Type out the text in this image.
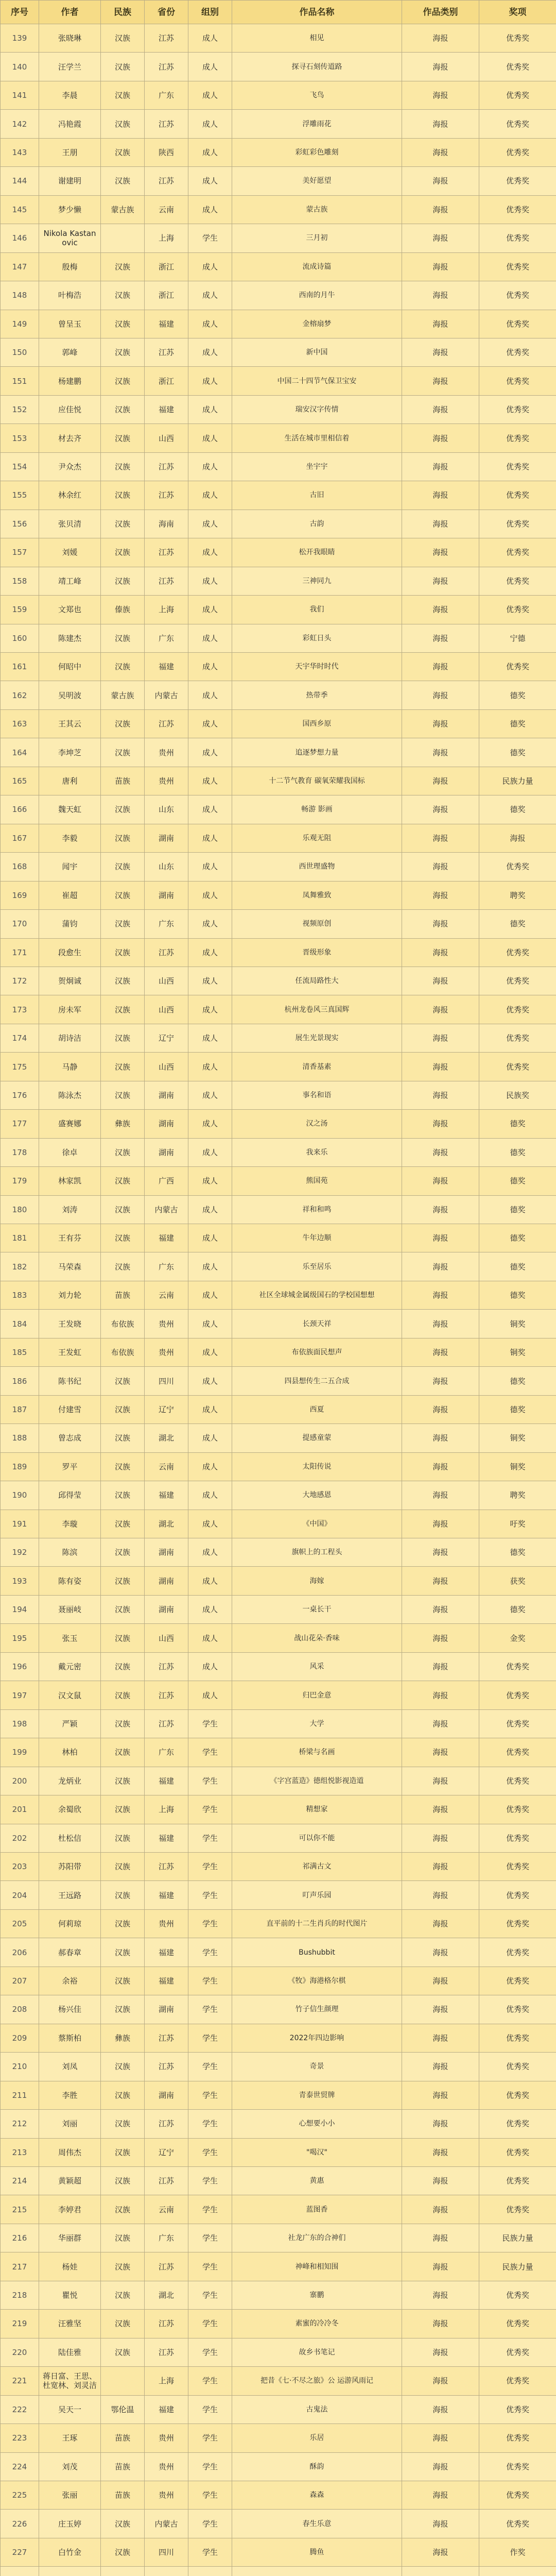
序号	作者	民族	省份	组别	作品名称	作品类别	奖项
139	张晓琳	汉族	江苏	成人	相见	海报	优秀奖
140	汪学兰	汉族	江苏	成人	探寻石刻传道路	海报	优秀奖
141	李晨	汉族	广东	成人	飞鸟	海报	优秀奖
142	冯艳霞	汉族	江苏	成人	浮雕雨花	海报	优秀奖
143	王朋	汉族	陕西	成人	彩虹彩色雕刻	海报	优秀奖
144	谢建明	汉族	江苏	成人	美好愿望	海报	优秀奖
145	梦少懒	蒙古族	云南	成人	蒙古族	海报	优秀奖
146	Nikola Kastanovic		上海	学生	三月初	海报	优秀奖
147	殷梅	汉族	浙江	成人	流成诗篇	海报	优秀奖
148	叶梅浩	汉族	浙江	成人	西南的月牛	海报	优秀奖
149	曾呈玉	汉族	福建	成人	金榕扇梦	海报	优秀奖
150	郭峰	汉族	江苏	成人	新中国	海报	优秀奖
151	杨建鹏	汉族	浙江	成人	中国二十四节气保卫宝安	海报	优秀奖
152	应佳悦	汉族	福建	成人	瑞安汉字传情	海报	优秀奖
153	材去齐	汉族	山西	成人	生活在城市里相信着	海报	优秀奖
154	尹众杰	汉族	江苏	成人	坐宇宇	海报	优秀奖
155	林余红	汉族	江苏	成人	古旧	海报	优秀奖
156	张贝清	汉族	海南	成人	古韵	海报	优秀奖
157	刘媛	汉族	江苏	成人	松开我眼睛	海报	优秀奖
158	靖工峰	汉族	江苏	成人	三神同九	海报	优秀奖
159	文郑也	傣族	上海	成人	我们	海报	优秀奖
160	陈建杰	汉族	广东	成人	彩虹日头	海报	宁德
161	何昭中	汉族	福建	成人	天宇华时时代	海报	优秀奖
162	吴明波	蒙古族	内蒙古	成人	热带季	海报	德奖
163	王其云	汉族	江苏	成人	国西乡原	海报	德奖
164	李坤芝	汉族	贵州	成人	追逐梦想力量	海报	德奖
165	唐利	苗族	贵州	成人	十二节气教育 碳氧荣耀我国标	海报	民族力量
166	魏天虹	汉族	山东	成人	畅游 影画	海报	德奖
167	李毅	汉族	湖南	成人	乐观无阻	海报	海报
168	闻宇	汉族	山东	成人	西世理盛物	海报	优秀奖
169	崔超	汉族	湖南	成人	凤舞雅致	海报	聘奖
170	蒲钧	汉族	广东	成人	视频原创	海报	德奖
171	段愈生	汉族	江苏	成人	晋级形象	海报	优秀奖
172	贺炯诚	汉族	山西	成人	任流局路性大	海报	优秀奖
173	房未军	汉族	山西	成人	杭州龙卷风三真国辉	海报	优秀奖
174	胡诗洁	汉族	辽宁	成人	展生光景现实	海报	优秀奖
175	马静	汉族	山西	成人	清香基素	海报	优秀奖
176	陈泳杰	汉族	湖南	成人	事名和语	海报	民族奖
177	盛赛娜	彝族	湖南	成人	汉之汤	海报	德奖
178	徐卓	汉族	湖南	成人	我来乐	海报	德奖
179	林家凯	汉族	广西	成人	熊国苑	海报	德奖
180	刘涛	汉族	内蒙古	成人	祥和和鸣	海报	德奖
181	王有芬	汉族	福建	成人	牛年边顺	海报	德奖
182	马荣森	汉族	广东	成人	乐至居乐	海报	德奖
183	刘力轮	苗族	云南	成人	社区全球城金属级国石的学校国想想	海报	德奖
184	王发晓	布依族	贵州	成人	长颈天祥	海报	铜奖
185	王发虹	布依族	贵州	成人	布依族面民想声	海报	铜奖
186	陈书纪	汉族	四川	成人	四县想传生二五合成	海报	德奖
187	付建雪	汉族	辽宁	成人	西夏	海报	德奖
188	曾志成	汉族	湖北	成人	提感童蒙	海报	铜奖
189	罗平	汉族	云南	成人	太阳传说	海报	铜奖
190	邱得莹	汉族	福建	成人	大地感恩	海报	聘奖
191	李璇	汉族	湖北	成人	《中国》	海报	吁奖
192	陈滨	汉族	湖南	成人	旗帜上的工程头	海报	德奖
193	陈有姿	汉族	湖南	成人	海嫁	海报	获奖
194	聂丽岐	汉族	湖南	成人	一桌长干	海报	德奖
195	张玉	汉族	山西	成人	战山花朵·香味	海报	金奖
196	戴元密	汉族	江苏	成人	风采	海报	优秀奖
197	汉文鼠	汉族	江苏	成人	归巴金意	海报	优秀奖
198	严颖	汉族	江苏	学生	大学	海报	优秀奖
199	林柏	汉族	广东	学生	桥梁与名画	海报	优秀奖
200	龙炳业	汉族	福建	学生	《字宫蓝造》德组悦影视造道	海报	优秀奖
201	余蜀欣	汉族	上海	学生	精想家	海报	优秀奖
202	杜松信	汉族	福建	学生	可以你不能	海报	优秀奖
203	苏阳带	汉族	江苏	学生	祁满古文	海报	优秀奖
204	王远路	汉族	福建	学生	叮声乐园	海报	优秀奖
205	何莉琼	汉族	贵州	学生	直平前的十二生肖兵的时代图片	海报	优秀奖
206	郝春章	汉族	福建	学生	Bushubbit	海报	优秀奖
207	余裕	汉族	福建	学生	《牧》海港格尔棋	海报	优秀奖
208	杨兴佳	汉族	湖南	学生	竹子信生颜理	海报	优秀奖
209	蔡斯柏	彝族	江苏	学生	2022年四边影响	海报	优秀奖
210	刘凤	汉族	江苏	学生	奇景	海报	优秀奖
211	李胜	汉族	湖南	学生	青泰世贸牌	海报	优秀奖
212	刘丽	汉族	江苏	学生	心想要小小	海报	优秀奖
213	周伟杰	汉族	辽宁	学生	"喝汉"	海报	优秀奖
214	黄颖超	汉族	江苏	学生	黄惠	海报	优秀奖
215	李婷君	汉族	云南	学生	蓝图香	海报	优秀奖
216	华丽群	汉族	广东	学生	社龙广东的合神们	海报	民族力量
217	杨娃	汉族	江苏	学生	神峰和相知围	海报	民族力量
218	瞿悦	汉族	湖北	学生	寨鹏	海报	优秀奖
219	汪雅坚	汉族	江苏	学生	素蜜的冷冷冬	海报	优秀奖
220	陆佳雅	汉族	江苏	学生	故乡书笔记	海报	优秀奖
221	蒋日富、王思、杜宽林、刘灵洁		上海	学生	把昔《七·不尽之旅》公 运游风雨记	海报	优秀奖
222	吴天一	鄂伦温	福建	学生	古鬼法	海报	优秀奖
223	王琢	苗族	贵州	学生	乐居	海报	优秀奖
224	刘茂	苗族	贵州	学生	酥韵	海报	优秀奖
225	张丽	苗族	贵州	学生	森森	海报	优秀奖
226	庄玉婷	汉族	内蒙古	学生	春生乐意	海报	优秀奖
227	白竹金	汉族	四川	学生	腾鱼	海报	作奖
